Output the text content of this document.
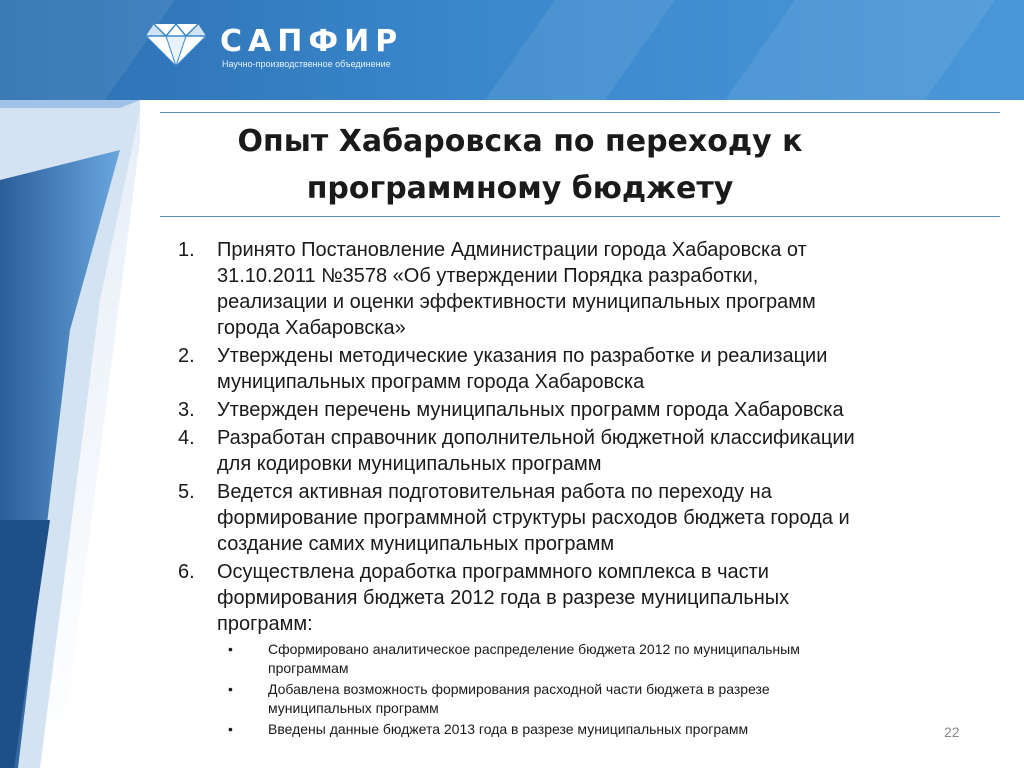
САПФИР
Научно-производственное объединение
Опыт Хабаровска по переходу к
программному бюджету
1. Принято Постановление Администрации города Хабаровска от
31.10.2011 №3578 «Об утверждении Порядка разработки,
реализации и оценки эффективности муниципальных программ
города Хабаровска»
2. Утверждены методические указания по разработке и реализации
муниципальных программ города Хабаровска
3. Утвержден перечень муниципальных программ города Хабаровска
4. Разработан справочник дополнительной бюджетной классификации
для кодировки муниципальных программ
5. Ведется активная подготовительная работа по переходу на
формирование программной структуры расходов бюджета города и
создание самих муниципальных программ
6. Осуществлена доработка программного комплекса в части
формирования бюджета 2012 года в разрезе муниципальных
программ:
•	Сформировано аналитическое распределение бюджета 2012 по муниципальным
программам
•	Добавлена возможность формирования расходной части бюджета в разрезе
муниципальных программ
•	Введены данные бюджета 2013 года в разрезе муниципальных программ	22
